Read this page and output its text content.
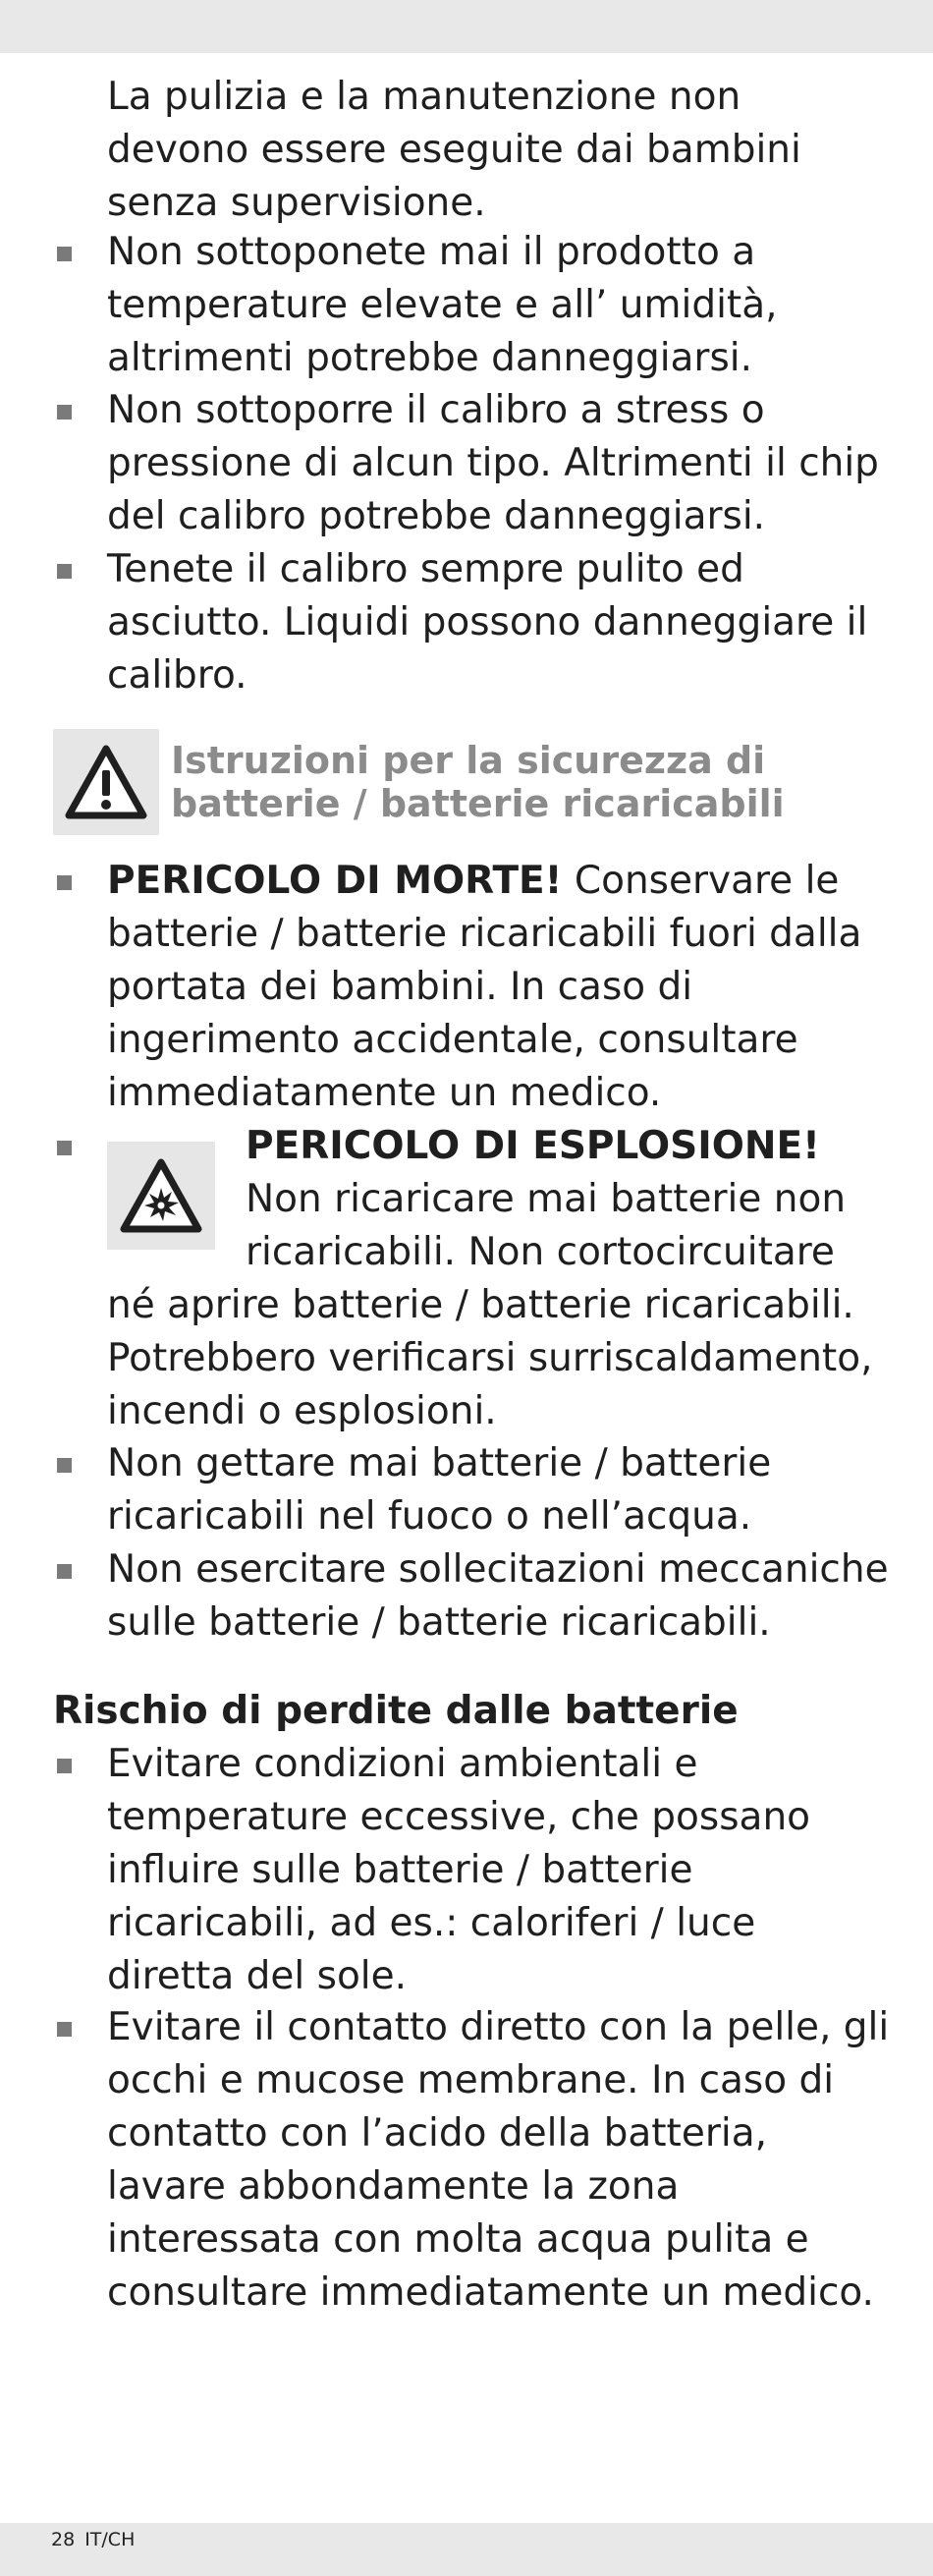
La pulizia e la manutenzione non devono essere eseguite dai bambini senza supervisione.

Non sottoponete mai il prodotto a temperature elevate e all’ umidità, altrimenti potrebbe danneggiarsi.

Non sottoporre il calibro a stress o pressione di alcun tipo. Altrimenti il chip del calibro potrebbe danneggiarsi.

Tenete il calibro sempre pulito ed asciutto. Liquidi possono danneggiare il calibro.

Istruzioni per la sicurezza di batterie / batterie ricaricabili

PERICOLO DI MORTE! Conservare le batterie / batterie ricaricabili fuori dalla portata dei bambini. In caso di ingerimento accidentale, consultare immediatamente un medico.

PERICOLO DI ESPLOSIONE!

Non ricaricare mai batterie non

ricaricabili. Non cortocircuitare

né aprire batterie / batterie ricaricabili. Potrebbero verificarsi surriscaldamento, incendi o esplosioni.

Non gettare mai batterie / batterie ricaricabili nel fuoco o nell’acqua.

Non esercitare sollecitazioni meccaniche sulle batterie / batterie ricaricabili.

Rischio di perdite dalle batterie

Evitare condizioni ambientali e temperature eccessive, che possano influire sulle batterie / batterie ricaricabili, ad es.: caloriferi / luce diretta del sole.

Evitare il contatto diretto con la pelle, gli occhi e mucose membrane. In caso di contatto con l’acido della batteria, lavare abbondamente la zona interessata con molta acqua pulita e consultare immediatamente un medico.

28 IT/CH
